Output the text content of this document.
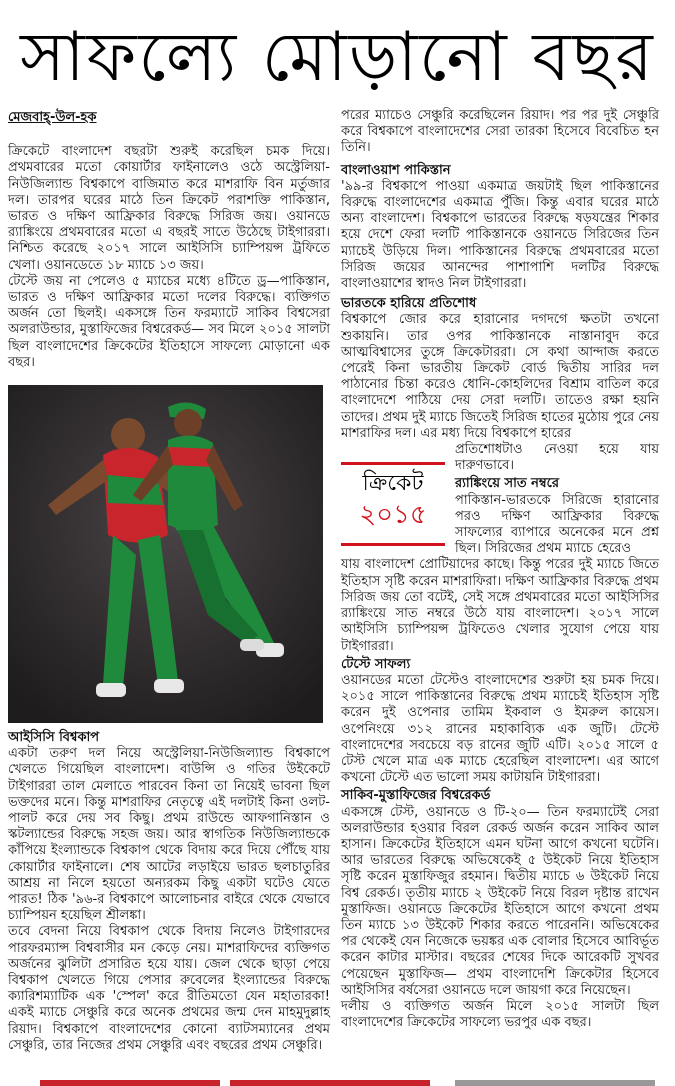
সাফল্যে মোড়ানো বছর
মেজবাহ্-উল-হক

ক্রিকেটে বাংলাদেশ বছরটা শুরুই করেছিল চমক দিয়ে। প্রথমবারের মতো কোয়ার্টার ফাইনালেও ওঠে অস্ট্রেলিয়া-নিউজিল্যান্ড বিশ্বকাপে বাজিমাত করে মাশরাফি বিন মর্তুজার দল। তারপর ঘরের মাঠে তিন ক্রিকেট পরাশক্তি পাকিস্তান, ভারত ও দক্ষিণ আফ্রিকার বিরুদ্ধে সিরিজ জয়। ওয়ানডে র‍্যাঙ্কিংয়ে প্রথমবারের মতো এ বছরই সাতে উঠেছে টাইগাররা। নিশ্চিত করেছে ২০১৭ সালে আইসিসি চ্যাম্পিয়ন্স ট্রফিতে খেলা। ওয়ানডেতে ১৮ ম্যাচে ১৩ জয়।

টেস্টে জয় না পেলেও ৫ ম্যাচের মধ্যে ৪টিতে ড্র—পাকিস্তান, ভারত ও দক্ষিণ আফ্রিকার মতো দলের বিরুদ্ধে। ব্যক্তিগত অর্জন তো ছিলই। একসঙ্গে তিন ফরম্যাটে সাকিব বিশ্বসেরা অলরাউন্ডার, মুস্তাফিজের বিশ্বরেকর্ড— সব মিলে ২০১৫ সালটা ছিল বাংলাদেশের ক্রিকেটের ইতিহাসে সাফল্যে মোড়ানো এক বছর।

আইসিসি বিশ্বকাপ

একটা তরুণ দল নিয়ে অস্ট্রেলিয়া-নিউজিল্যান্ড বিশ্বকাপে খেলতে গিয়েছিল বাংলাদেশ। বাউন্সি ও গতির উইকেটে টাইগাররা তাল মেলাতে পারবেন কিনা তা নিয়েই ভাবনা ছিল ভক্তদের মনে। কিন্তু মাশরাফির নেতৃত্বে এই দলটাই কিনা ওলট-পালট করে দেয় সব কিছু। প্রথম রাউন্ডে আফগানিস্তান ও স্কটল্যান্ডের বিরুদ্ধে সহজ জয়। আর স্বাগতিক নিউজিল্যান্ডকে কাঁপিয়ে ইংল্যান্ডকে বিশ্বকাপ থেকে বিদায় করে দিয়ে পৌঁছে যায় কোয়ার্টার ফাইনালে। শেষ আটের লড়াইয়ে ভারত ছলচাতুরির আশ্রয় না নিলে হয়তো অন্যরকম কিছু একটা ঘটেও যেতে পারত! ঠিক '৯৬-র বিশ্বকাপে আলোচনার বাইরে থেকে যেভাবে চ্যাম্পিয়ন হয়েছিল শ্রীলঙ্কা।

তবে বেদনা নিয়ে বিশ্বকাপ থেকে বিদায় নিলেও টাইগারদের পারফরম্যান্স বিশ্ববাসীর মন কেড়ে নেয়। মাশরাফিদের ব্যক্তিগত অর্জনের ঝুলিটা প্রসারিত হয়ে যায়। জেল থেকে ছাড়া পেয়ে বিশ্বকাপ খেলতে গিয়ে পেসার রুবেলের ইংল্যান্ডের বিরুদ্ধে ক্যারিশম্যাটিক এক 'স্পেল' করে রীতিমতো যেন মহাতারকা! একই ম্যাচে সেঞ্চুরি করে অনেক প্রথমের জন্ম দেন মাহমুদুল্লাহ রিয়াদ। বিশ্বকাপে বাংলাদেশের কোনো ব্যাটসম্যানের প্রথম সেঞ্চুরি, তার নিজের প্রথম সেঞ্চুরি এবং বছরের প্রথম সেঞ্চুরি।

পরের ম্যাচেও সেঞ্চুরি করেছিলেন রিয়াদ। পর পর দুই সেঞ্চুরি করে বিশ্বকাপে বাংলাদেশের সেরা তারকা হিসেবে বিবেচিত হন তিনি।

বাংলাওয়াশ পাকিস্তান

'৯৯-র বিশ্বকাপে পাওয়া একমাত্র জয়টাই ছিল পাকিস্তানের বিরুদ্ধে বাংলাদেশের একমাত্র পুঁজি। কিন্তু এবার ঘরের মাঠে অন্য বাংলাদেশ। বিশ্বকাপে ভারতের বিরুদ্ধে ষড়যন্ত্রের শিকার হয়ে দেশে ফেরা দলটি পাকিস্তানকে ওয়ানডে সিরিজের তিন ম্যাচেই উড়িয়ে দিল। পাকিস্তানের বিরুদ্ধে প্রথমবারের মতো সিরিজ জয়ের আনন্দের পাশাপাশি দলটির বিরুদ্ধে বাংলাওয়াশের স্বাদও নিল টাইগাররা।

ভারতকে হারিয়ে প্রতিশোধ

বিশ্বকাপে জোর করে হারানোর দগদগে ক্ষতটা তখনো শুকায়নি। তার ওপর পাকিস্তানকে নাস্তানাবুদ করে আত্মবিশ্বাসের তুঙ্গে ক্রিকেটাররা। সে কথা আন্দাজ করতে পেরেই কিনা ভারতীয় ক্রিকেট বোর্ড দ্বিতীয় সারির দল পাঠানোর চিন্তা করেও ধোনি-কোহলিদের বিশ্রাম বাতিল করে বাংলাদেশে পাঠিয়ে দেয় সেরা দলটি। তাতেও রক্ষা হয়নি তাদের। প্রথম দুই ম্যাচে জিতেই সিরিজ হাতের মুঠোয় পুরে নেয় মাশরাফির দল। এর মধ্য দিয়ে বিশ্বকাপে হারের

প্রতিশোধটাও নেওয়া হয়ে যায় দারুণভাবে।

র‍্যাঙ্কিংয়ে সাত নম্বরে

পাকিস্তান-ভারতকে সিরিজে হারানোর পরও দক্ষিণ আফ্রিকার বিরুদ্ধে সাফল্যের ব্যাপারে অনেকের মনে প্রশ্ন ছিল। সিরিজের প্রথম ম্যাচে হেরেও

যায় বাংলাদেশ প্রোটিয়াদের কাছে। কিন্তু পরের দুই ম্যাচে জিতে ইতিহাস সৃষ্টি করেন মাশরাফিরা। দক্ষিণ আফ্রিকার বিরুদ্ধে প্রথম সিরিজ জয় তো বটেই, সেই সঙ্গে প্রথমবারের মতো আইসিসির র‍্যাঙ্কিংয়ে সাত নম্বরে উঠে যায় বাংলাদেশ। ২০১৭ সালে আইসিসি চ্যাম্পিয়ন্স ট্রফিতেও খেলার সুযোগ পেয়ে যায় টাইগাররা।

টেস্টে সাফল্য

ওয়ানডের মতো টেস্টেও বাংলাদেশের শুরুটা হয় চমক দিয়ে। ২০১৫ সালে পাকিস্তানের বিরুদ্ধে প্রথম ম্যাচেই ইতিহাস সৃষ্টি করেন দুই ওপেনার তামিম ইকবাল ও ইমরুল কায়েস। ওপেনিংয়ে ৩১২ রানের মহাকাব্যিক এক জুটি। টেস্টে বাংলাদেশের সবচেয়ে বড় রানের জুটি এটি। ২০১৫ সালে ৫ টেস্ট খেলে মাত্র এক ম্যাচে হেরেছিল বাংলাদেশ। এর আগে কখনো টেস্টে এত ভালো সময় কাটায়নি টাইগাররা।

সাকিব-মুস্তাফিজের বিশ্বরেকর্ড

একসঙ্গে টেস্ট, ওয়ানডে ও টি-২০— তিন ফরম্যাটেই সেরা অলরাউন্ডার হওয়ার বিরল রেকর্ড অর্জন করেন সাকিব আল হাসান। ক্রিকেটের ইতিহাসে এমন ঘটনা আগে কখনো ঘটেনি। আর ভারতের বিরুদ্ধে অভিষেকেই ৫ উইকেট নিয়ে ইতিহাস সৃষ্টি করেন মুস্তাফিজুর রহমান। দ্বিতীয় ম্যাচে ৬ উইকেট নিয়ে বিশ্ব রেকর্ড। তৃতীয় ম্যাচে ২ উইকেট নিয়ে বিরল দৃষ্টান্ত রাখেন মুস্তাফিজ। ওয়ানডে ক্রিকেটের ইতিহাসে আগে কখনো প্রথম তিন ম্যাচে ১৩ উইকেট শিকার করতে পারেননি। অভিষেকের পর থেকেই যেন নিজেকে ভয়ঙ্কর এক বোলার হিসেবে আবির্ভূত করেন কাটার মাস্টার। বছরের শেষের দিকে আরেকটি সুখবর পেয়েছেন মুস্তাফিজ— প্রথম বাংলাদেশি ক্রিকেটার হিসেবে আইসিসির বর্ষসেরা ওয়ানডে দলে জায়গা করে নিয়েছেন।

দলীয় ও ব্যক্তিগত অর্জন মিলে ২০১৫ সালটা ছিল বাংলাদেশের ক্রিকেটের সাফল্যে ভরপুর এক বছর।

ক্রিকেট
২০১৫
